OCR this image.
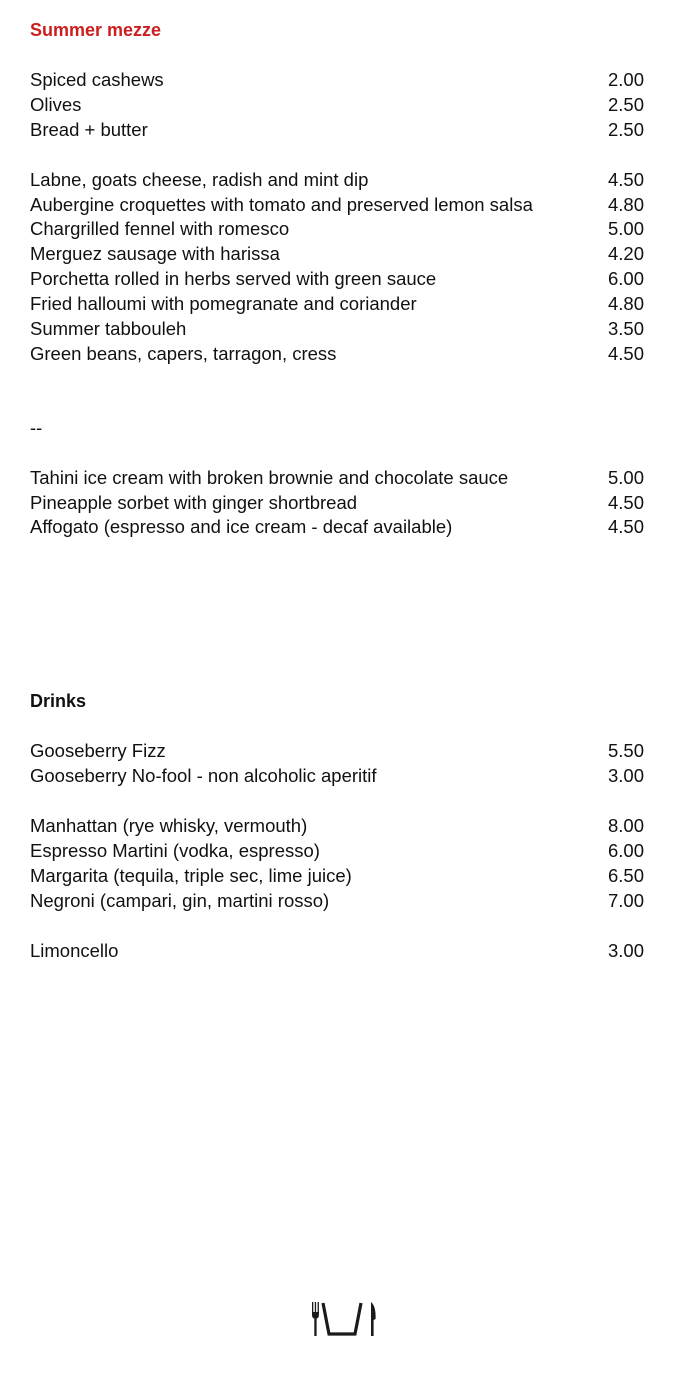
Summer mezze
Spiced cashews	2.00
Olives	2.50
Bread + butter	2.50
Labne, goats cheese, radish and mint dip	4.50
Aubergine croquettes with tomato and preserved lemon salsa	4.80
Chargrilled fennel with romesco	5.00
Merguez sausage with harissa	4.20
Porchetta rolled in herbs served with green sauce	6.00
Fried halloumi with pomegranate and coriander	4.80
Summer tabbouleh	3.50
Green beans, capers, tarragon, cress	4.50
--
Tahini ice cream with broken brownie and chocolate sauce	5.00
Pineapple sorbet with ginger shortbread	4.50
Affogato (espresso and ice cream - decaf available)	4.50
Drinks
Gooseberry Fizz	5.50
Gooseberry No-fool - non alcoholic aperitif	3.00
Manhattan (rye whisky, vermouth)	8.00
Espresso Martini (vodka, espresso)	6.00
Margarita (tequila, triple sec, lime juice)	6.50
Negroni (campari, gin, martini rosso)	7.00
Limoncello	3.00
